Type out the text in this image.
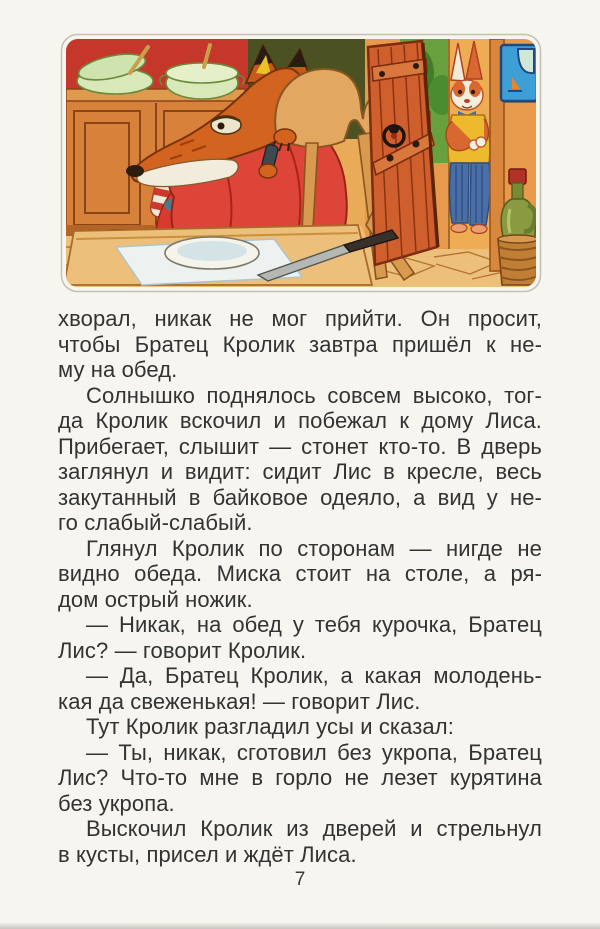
хворал, никак не мог прийти. Он просит,
чтобы Братец Кролик завтра пришёл к не-
му на обед.
Солнышко поднялось совсем высоко, тог-
да Кролик вскочил и побежал к дому Лиса.
Прибегает, слышит — стонет кто-то. В дверь
заглянул и видит: сидит Лис в кресле, весь
закутанный в байковое одеяло, а вид у не-
го слабый-слабый.
Глянул Кролик по сторонам — нигде не
видно обеда. Миска стоит на столе, а ря-
дом острый ножик.
— Никак, на обед у тебя курочка, Братец
Лис? — говорит Кролик.
— Да, Братец Кролик, а какая молодень-
кая да свеженькая! — говорит Лис.
Тут Кролик разгладил усы и сказал:
— Ты, никак, сготовил без укропа, Братец
Лис? Что-то мне в горло не лезет курятина
без укропа.
Выскочил Кролик из дверей и стрельнул
в кусты, присел и ждёт Лиса.
7
